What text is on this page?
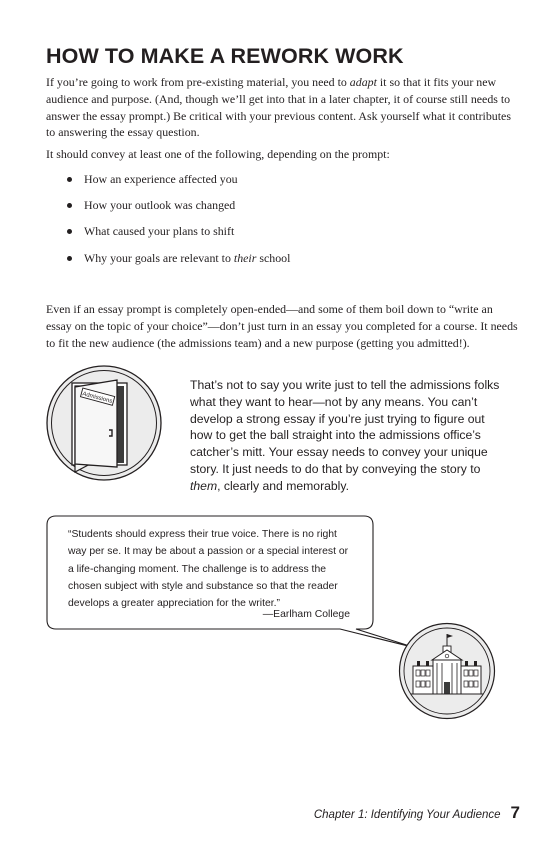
HOW TO MAKE A REWORK WORK

If you’re going to work from pre-existing material, you need to adapt it so that it fits your new audience and purpose. (And, though we’ll get into that in a later chapter, it of course still needs to answer the essay prompt.) Be critical with your previous content. Ask yourself what it contributes to answering the essay question.

It should convey at least one of the following, depending on the prompt:

How an experience affected you
How your outlook was changed
What caused your plans to shift
Why your goals are relevant to their school

Even if an essay prompt is completely open-ended—and some of them boil down to “write an essay on the topic of your choice”—don’t just turn in an essay you completed for a course. It needs to fit the new audience (the admissions team) and a new purpose (getting you admitted!).

Admissions

That’s not to say you write just to tell the admissions folks what they want to hear—not by any means. You can’t develop a strong essay if you’re just trying to figure out how to get the ball straight into the admissions office’s catcher’s mitt. Your essay needs to convey your unique story. It just needs to do that by conveying the story to them, clearly and memorably.

“Students should express their true voice. There is no right way per se. It may be about a passion or a special interest or a life-changing moment. The challenge is to address the chosen subject with style and substance so that the reader develops a greater appreciation for the writer.”

—Earlham College

Chapter 1: Identifying Your Audience 7
